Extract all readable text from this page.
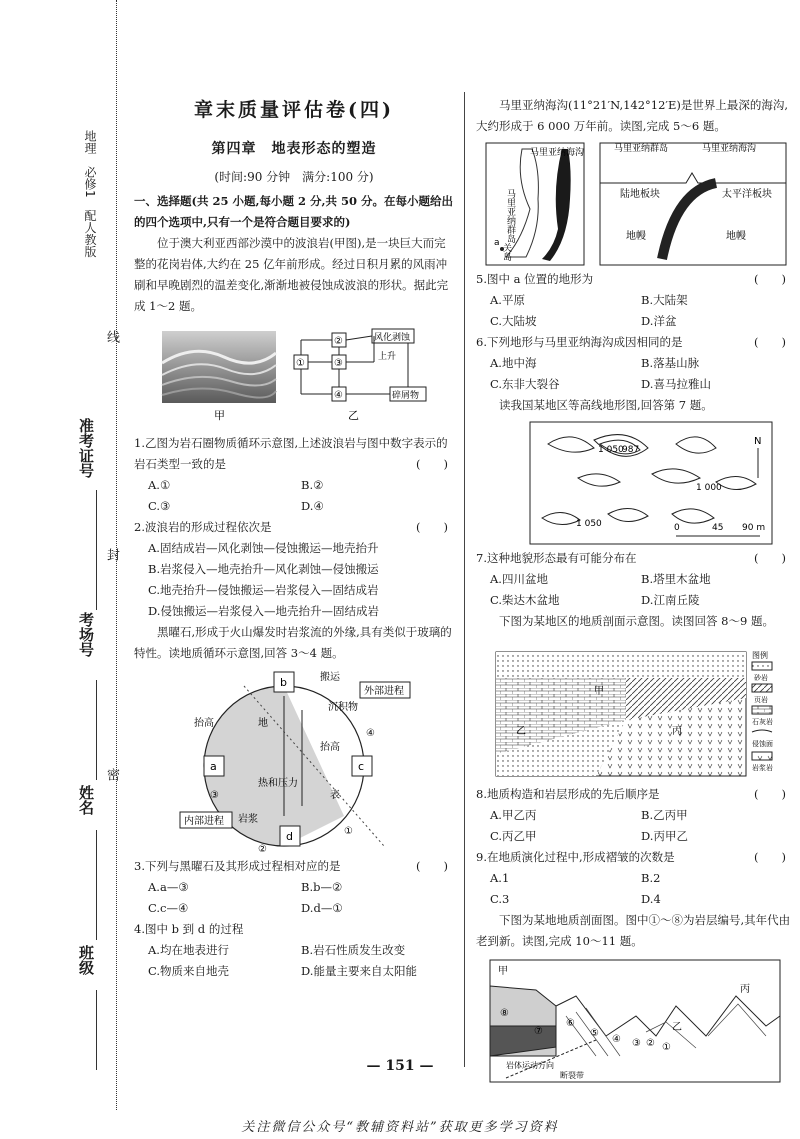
地理　必修1　配人教版
线
封
密
准考证号
考场号
姓名
班级
章末质量评估卷(四)
第四章　地表形态的塑造
(时间:90 分钟　满分:100 分)
一、选择题(共 25 小题,每小题 2 分,共 50 分。在每小题给出的四个选项中,只有一个是符合题目要求的)

位于澳大利亚西部沙漠中的波浪岩(甲图),是一块巨大而完整的花岗岩体,大约在 25 亿年前形成。经过日积月累的风雨冲刷和早晚剧烈的温差变化,渐渐地被侵蚀成波浪的形状。据此完成 1～2 题。

①
②
③
④
风化剥蚀
上升
碎屑物
甲	乙

1.乙图为岩石圈物质循环示意图,上述波浪岩与图中数字表示的岩石类型一致的是	(　　)
A.①	B.②
C.③	D.④

2.波浪岩的形成过程依次是	(　　)
A.固结成岩—风化剥蚀—侵蚀搬运—地壳抬升
B.岩浆侵入—地壳抬升—风化剥蚀—侵蚀搬运
C.地壳抬升—侵蚀搬运—岩浆侵入—固结成岩
D.侵蚀搬运—岩浆侵入—地壳抬升—固结成岩

黑曜石,形成于火山爆发时岩浆流的外缘,具有类似于玻璃的特性。读地质循环示意图,回答 3～4 题。

b
a	c
d
搬运
外部进程
沉积物
抬高	地
抬高
热和压力
表
内部进程 岩浆
①
②
③
④

3.下列与黑曜石及其形成过程相对应的是	(　　)
A.a—③	B.b—②
C.c—④	D.d—①

4.图中 b 到 d 的过程

A.均在地表进行	B.岩石性质发生改变
C.物质来自地壳	D.能量主要来自太阳能

马里亚纳海沟(11°21′N,142°12′E)是世界上最深的海沟,大约形成于 6 000 万年前。读图,完成 5～6 题。

a
马里亚纳海沟
马里亚纳群岛
关岛
马里亚纳群岛	马里亚纳海沟
陆地板块	太平洋板块
地幔	地幔

5.图中 a 位置的地形为	(　　)
A.平原	B.大陆架
C.大陆坡	D.洋盆

6.下列地形与马里亚纳海沟成因相同的是	(　　)
A.地中海	B.落基山脉
C.东非大裂谷	D.喜马拉雅山

读我国某地区等高线地形图,回答第 7 题。

1 050
987
1 000
1 050
N
0	45 90 m

7.这种地貌形态最有可能分布在	(　　)
A.四川盆地	B.塔里木盆地
C.柴达木盆地	D.江南丘陵

下图为某地区的地质剖面示意图。读图回答 8～9 题。

甲
乙	丙
图例
砂岩
页岩
石灰岩
侵蚀面
岩浆岩

8.地质构造和岩层形成的先后顺序是	(　　)
A.甲乙丙	B.乙丙甲
C.丙乙甲	D.丙甲乙

9.在地质演化过程中,形成褶皱的次数是	(　　)
A.1	B.2
C.3	D.4

下图为某地地质剖面图。图中①～⑧为岩层编号,其年代由老到新。读图,完成 10～11 题。

甲
丙
乙
⑧
⑦
⑥
⑤
④ ③ ② ①
岩体运动方向
断裂带
— 151 —
关注微信公众号“教辅资料站”获取更多学习资料
